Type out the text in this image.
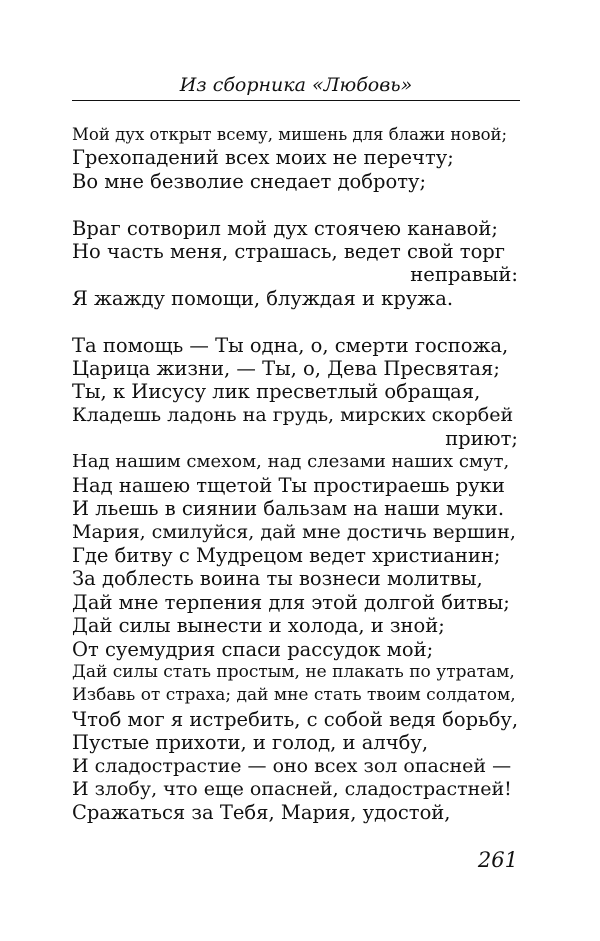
Из сборника «Любовь»
Мой дух открыт всему, мишень для блажи новой;
Грехопадений всех моих не перечту;
Во мне безволие снедает доброту;
Враг сотворил мой дух стоячею канавой;
Но часть меня, страшась, ведет свой торг
неправый:
Я жажду помощи, блуждая и кружа.
Та помощь — Ты одна, о, смерти госпожа,
Царица жизни, — Ты, о, Дева Пресвятая;
Ты, к Иисусу лик пресветлый обращая,
Кладешь ладонь на грудь, мирских скорбей
приют;
Над нашим смехом, над слезами наших смут,
Над нашею тщетой Ты простираешь руки
И льешь в сиянии бальзам на наши муки.
Мария, смилуйся, дай мне достичь вершин,
Где битву с Мудрецом ведет христианин;
За доблесть воина ты вознеси молитвы,
Дай мне терпения для этой долгой битвы;
Дай силы вынести и холода, и зной;
От суемудрия спаси рассудок мой;
Дай силы стать простым, не плакать по утратам,
Избавь от страха; дай мне стать твоим солдатом,
Чтоб мог я истребить, с собой ведя борьбу,
Пустые прихоти, и голод, и алчбу,
И сладострастие — оно всех зол опасней —
И злобу, что еще опасней, сладострастней!
Сражаться за Тебя, Мария, удостой,
261
